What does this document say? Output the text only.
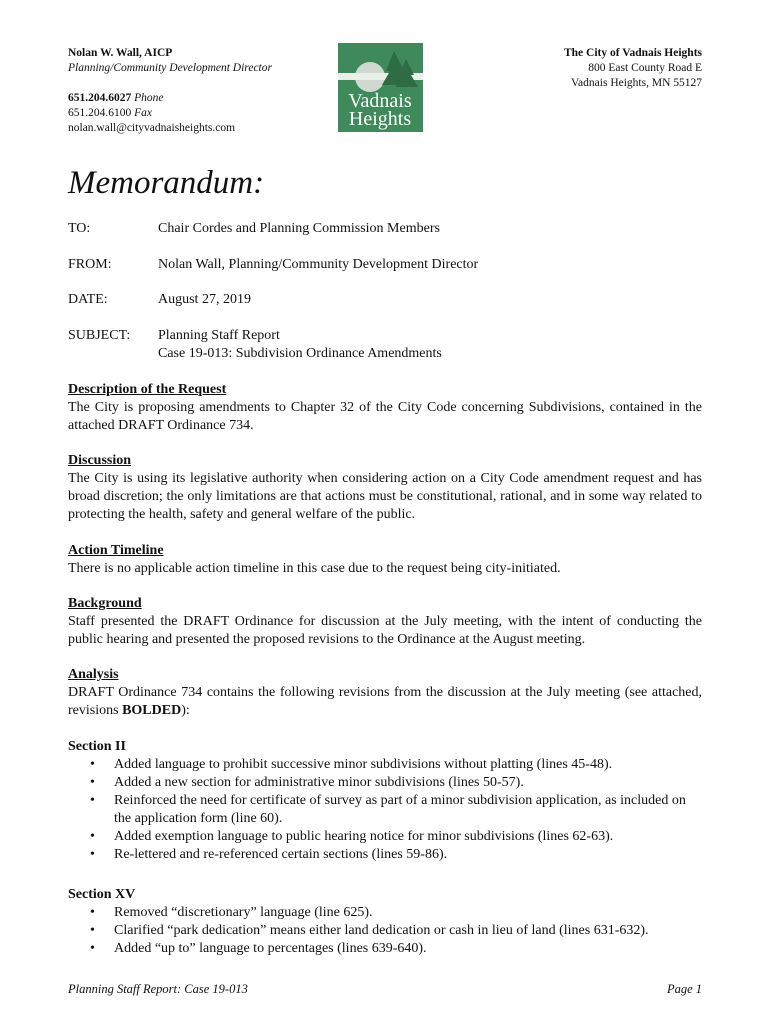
Nolan W. Wall, AICP
Planning/Community Development Director
651.204.6027 Phone
651.204.6100 Fax
nolan.wall@cityvadnaisheights.com
Vadnais
Heights
The City of Vadnais Heights
800 East County Road E
Vadnais Heights, MN 55127
Memorandum:
TO:	Chair Cordes and Planning Commission Members
FROM:	Nolan Wall, Planning/Community Development Director
DATE:	August 27, 2019
SUBJECT:	Planning Staff Report
Case 19-013: Subdivision Ordinance Amendments
Description of the Request
The City is proposing amendments to Chapter 32 of the City Code concerning Subdivisions, contained in the attached DRAFT Ordinance 734.
Discussion
The City is using its legislative authority when considering action on a City Code amendment request and has broad discretion; the only limitations are that actions must be constitutional, rational, and in some way related to protecting the health, safety and general welfare of the public.
Action Timeline
There is no applicable action timeline in this case due to the request being city-initiated.
Background
Staff presented the DRAFT Ordinance for discussion at the July meeting, with the intent of conducting the public hearing and presented the proposed revisions to the Ordinance at the August meeting.
Analysis
DRAFT Ordinance 734 contains the following revisions from the discussion at the July meeting (see attached, revisions BOLDED):
Section II
• Added language to prohibit successive minor subdivisions without platting (lines 45-48).
• Added a new section for administrative minor subdivisions (lines 50-57).
• Reinforced the need for certificate of survey as part of a minor subdivision application, as included on the application form (line 60).
• Added exemption language to public hearing notice for minor subdivisions (lines 62-63).
• Re-lettered and re-referenced certain sections (lines 59-86).
Section XV
• Removed “discretionary” language (line 625).
• Clarified “park dedication” means either land dedication or cash in lieu of land (lines 631-632).
• Added “up to” language to percentages (lines 639-640).
Planning Staff Report: Case 19-013	Page 1
